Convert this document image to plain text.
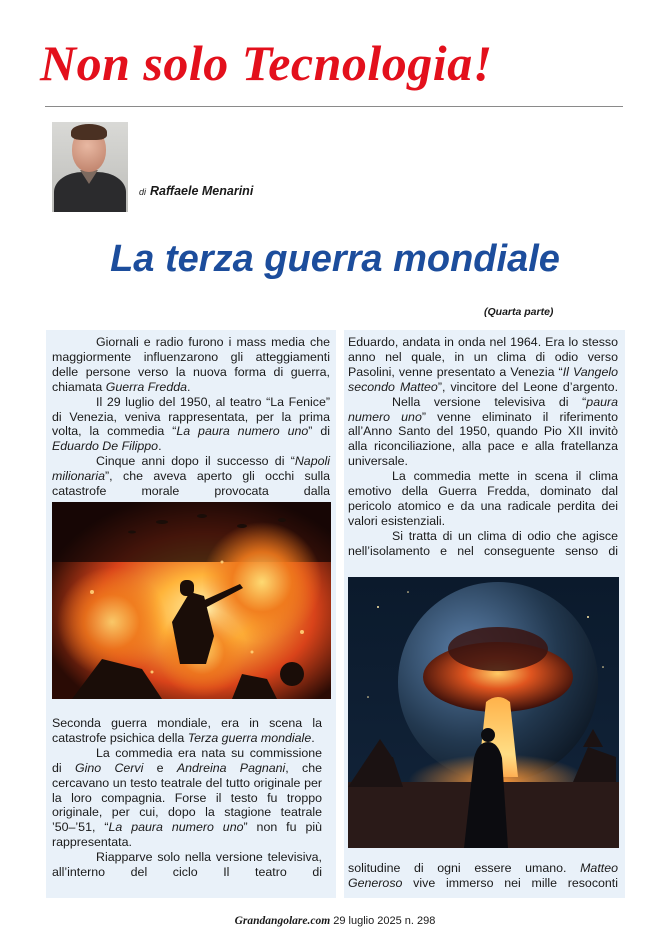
Non solo Tecnologia!
di Raffaele Menarini
La terza guerra mondiale
(Quarta parte)

Giornali e radio furono i mass media che maggiormente influenzarono gli atteggiamenti delle persone verso la nuova forma di guerra, chiamata Guerra Fredda.

Il 29 luglio del 1950, al teatro “La Fenice” di Venezia, veniva rappresentata, per la prima volta, la commedia “La paura numero uno” di Eduardo De Filippo.

Cinque anni dopo il successo di “Napoli milionaria”, che aveva aperto gli occhi sulla catastrofe morale provocata dalla

Seconda guerra mondiale, era in scena la catastrofe psichica della Terza guerra mondiale.

La commedia era nata su commissione di Gino Cervi e Andreina Pagnani, che cercavano un testo teatrale del tutto originale per la loro compagnia. Forse il testo fu troppo originale, per cui, dopo la stagione teatrale ’50–’51, “La paura numero uno” non fu più rappresentata.

Riapparve solo nella versione televisiva, all’interno del ciclo Il teatro di

Eduardo, andata in onda nel 1964. Era lo stesso anno nel quale, in un clima di odio verso Pasolini, venne presentato a Venezia “Il Vangelo secondo Matteo”, vincitore del Leone d’argento.

Nella versione televisiva di “paura numero uno” venne eliminato il riferimento all’Anno Santo del 1950, quando Pio XII invitò alla riconciliazione, alla pace e alla fratellanza universale.

La commedia mette in scena il clima emotivo della Guerra Fredda, dominato dal pericolo atomico e da una radicale perdita dei valori esistenziali.

Si tratta di un clima di odio che agisce nell’isolamento e nel conseguente senso di

solitudine di ogni essere umano. Matteo Generoso vive immerso nei mille resoconti

Grandangolare.com 29 luglio 2025 n. 298
